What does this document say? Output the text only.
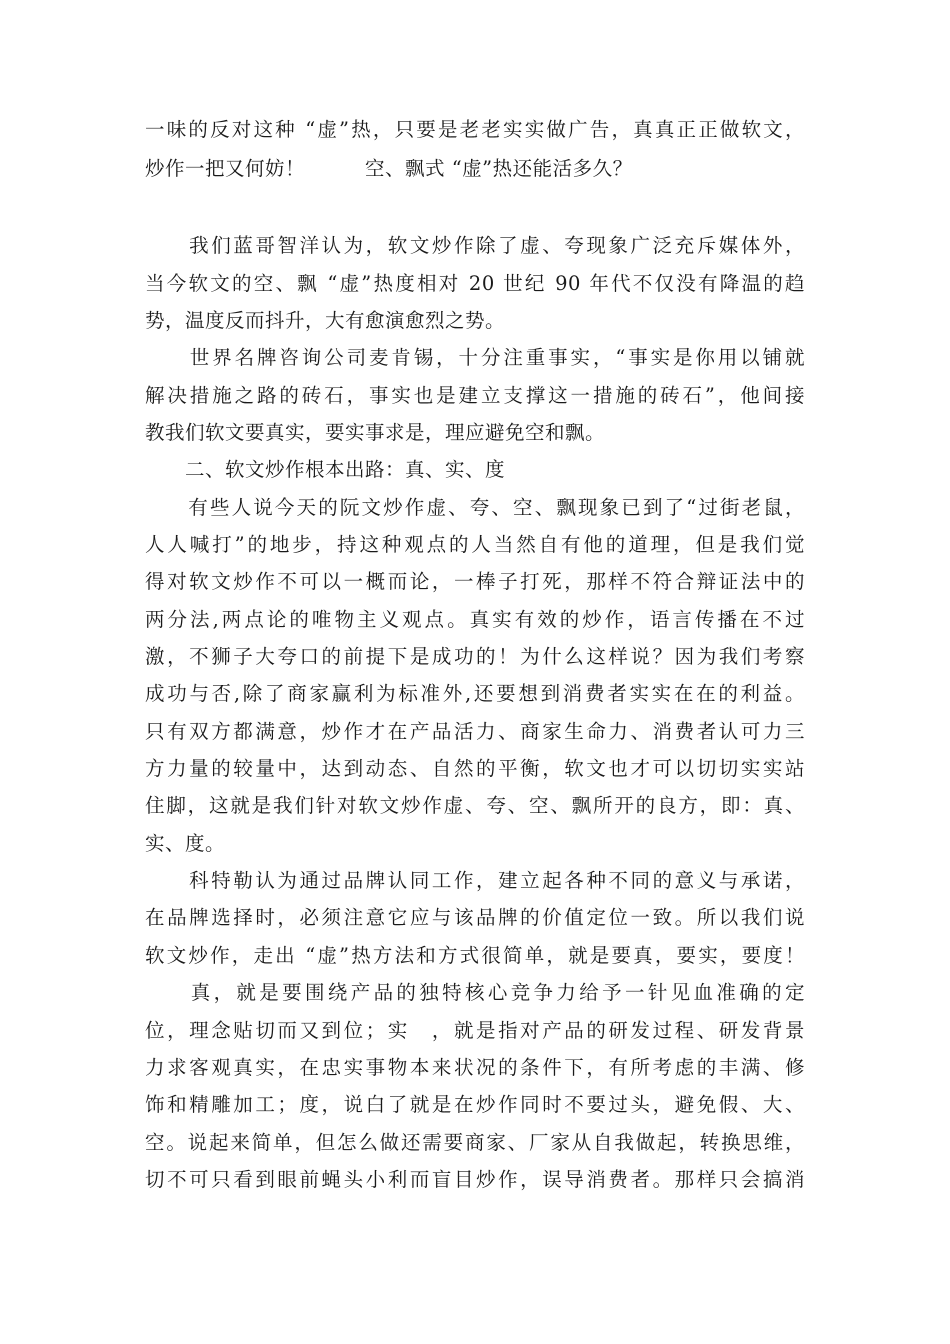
一味的反对这种 “虚”热，只要是老老实实做广告，真真正正做软文，
炒作一把又何妨！　　　空、飘式 “虚”热还能活多久？
　　我们蓝哥智洋认为，软文炒作除了虚、夸现象广泛充斥媒体外，
当今软文的空、飘 “虚”热度相对 20 世纪 90 年代不仅没有降温的趋
势，温度反而抖升，大有愈演愈烈之势。
　　世界名牌咨询公司麦肯锡，十分注重事实，“事实是你用以铺就
解决措施之路的砖石，事实也是建立支撑这一措施的砖石”，他间接
教我们软文要真实，要实事求是，理应避免空和飘。
　　二、软文炒作根本出路：真、实、度
　　有些人说今天的阮文炒作虚、夸、空、飘现象已到了“过街老鼠，
人人喊打”的地步，持这种观点的人当然自有他的道理，但是我们觉
得对软文炒作不可以一概而论，一棒子打死，那样不符合辩证法中的
两分法,两点论的唯物主义观点。真实有效的炒作，语言传播在不过
激，不狮子大夸口的前提下是成功的！为什么这样说？因为我们考察
成功与否,除了商家赢利为标准外,还要想到消费者实实在在的利益。
只有双方都满意，炒作才在产品活力、商家生命力、消费者认可力三
方力量的较量中，达到动态、自然的平衡，软文也才可以切切实实站
住脚，这就是我们针对软文炒作虚、夸、空、飘所开的良方，即：真、
实、度。
　　科特勒认为通过品牌认同工作，建立起各种不同的意义与承诺，
在品牌选择时，必须注意它应与该品牌的价值定位一致。所以我们说
软文炒作，走出 “虚”热方法和方式很简单，就是要真，要实，要度！
　　真，就是要围绕产品的独特核心竞争力给予一针见血准确的定
位，理念贴切而又到位；实　，就是指对产品的研发过程、研发背景
力求客观真实，在忠实事物本来状况的条件下，有所考虑的丰满、修
饰和精雕加工；度，说白了就是在炒作同时不要过头，避免假、大、
空。说起来简单，但怎么做还需要商家、厂家从自我做起，转换思维，
切不可只看到眼前蝇头小利而盲目炒作，误导消费者。那样只会搞消
